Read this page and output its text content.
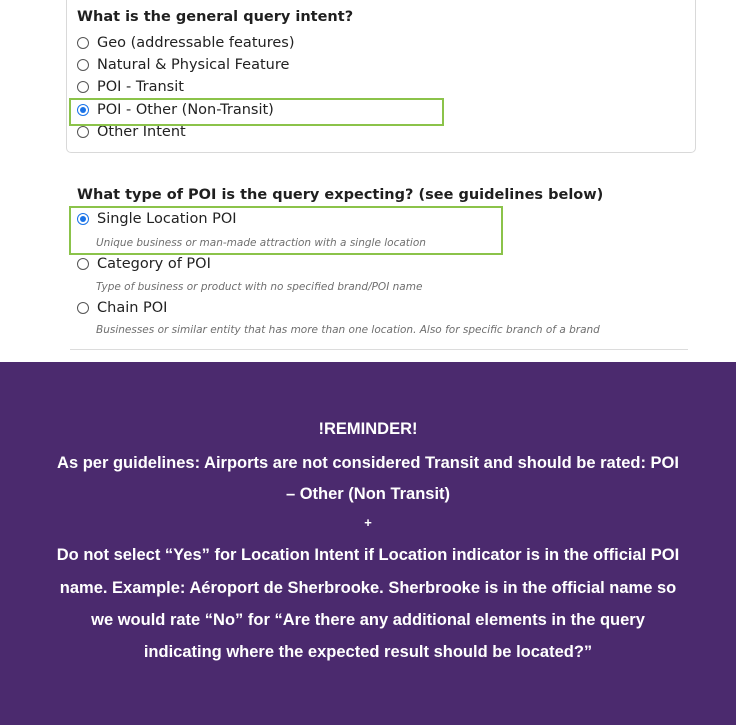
What is the general query intent?
Geo (addressable features)
Natural & Physical Feature
POI - Transit
POI - Other (Non-Transit)
Other Intent
What type of POI is the query expecting? (see guidelines below)
Single Location POI
Unique business or man-made attraction with a single location
Category of POI
Type of business or product with no specified brand/POI name
Chain POI
Businesses or similar entity that has more than one location. Also for specific branch of a brand
!REMINDER!
As per guidelines: Airports are not considered Transit and should be rated: POI
– Other (Non Transit)
+
Do not select “Yes” for Location Intent if Location indicator is in the official POI
name. Example: Aéroport de Sherbrooke. Sherbrooke is in the official name so
we would rate “No” for “Are there any additional elements in the query
indicating where the expected result should be located?”
